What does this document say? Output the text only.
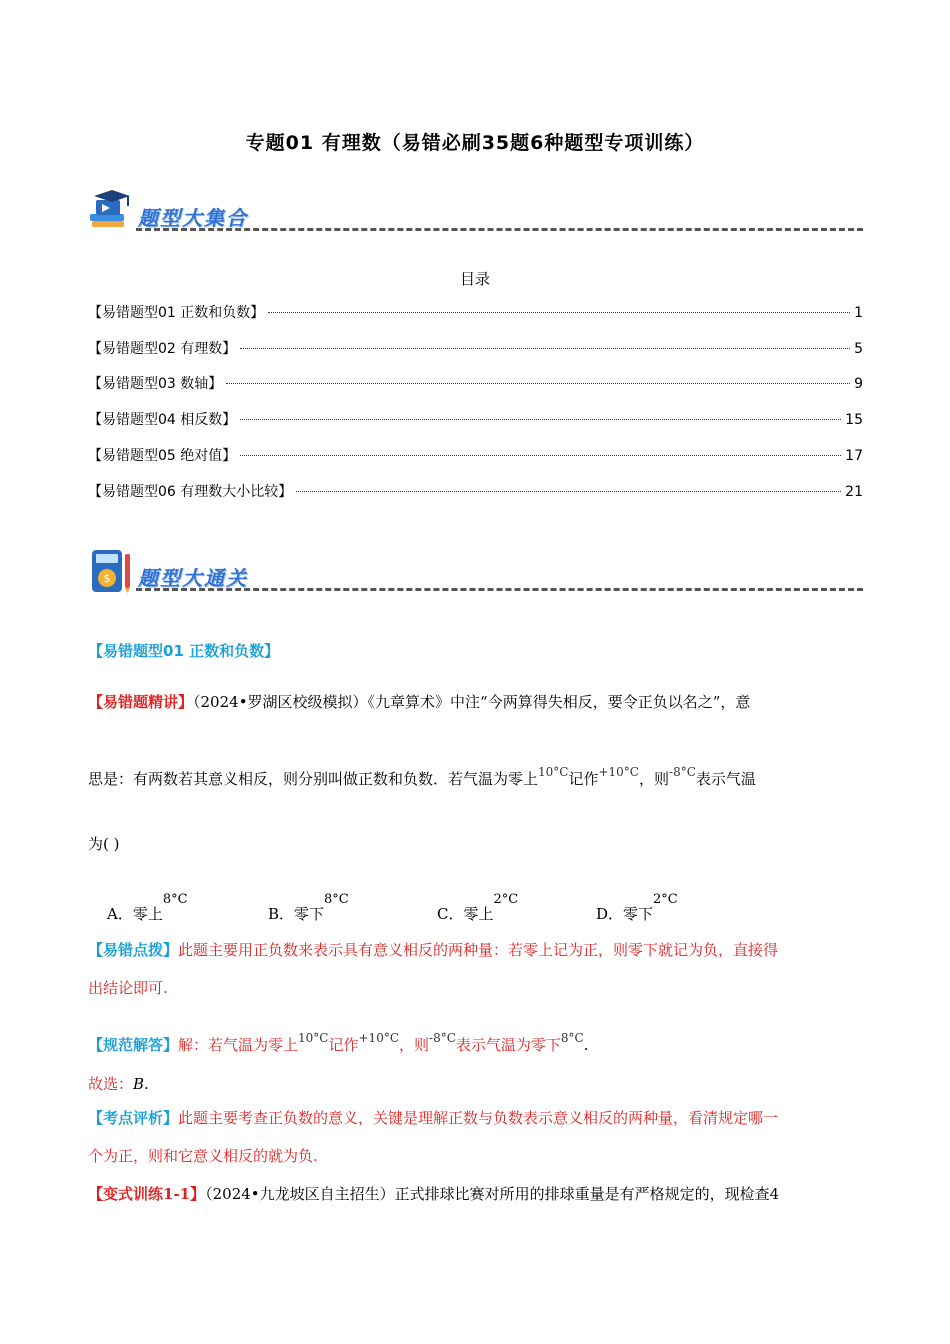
专题01 有理数（易错必刷35题6种题型专项训练）
题型大集合
目录
【易错题型01 正数和负数】	1
【易错题型02 有理数】	5
【易错题型03 数轴】	9
【易错题型04 相反数】	15
【易错题型05 绝对值】	17
【易错题型06 有理数大小比较】	21
$ 题型大通关
【易错题型01 正数和负数】
【易错题精讲】（2024•罗湖区校级模拟）《九章算术》中注“今两算得失相反，要令正负以名之”，意
思是：有两数若其意义相反，则分别叫做正数和负数．若气温为零上$^{10^\circ C}$记作$^{+10^\circ C}$，则$^{-8^\circ C}$表示气温
为( )
A．零上8°C
B．零下8°C
C．零上2°C
D．零下2°C
【易错点拨】此题主要用正负数来表示具有意义相反的两种量：若零上记为正，则零下就记为负，直接得
出结论即可.
【规范解答】解：若气温为零上$^{10^\circ C}$记作$^{+10^\circ C}$，则$^{-8^\circ C}$表示气温为零下$^{8^\circ C}$.
故选：B.
【考点评析】此题主要考查正负数的意义，关键是理解正数与负数表示意义相反的两种量，看清规定哪一
个为正，则和它意义相反的就为负.
【变式训练1-1】（2024•九龙坡区自主招生）正式排球比赛对所用的排球重量是有严格规定的，现检查4
